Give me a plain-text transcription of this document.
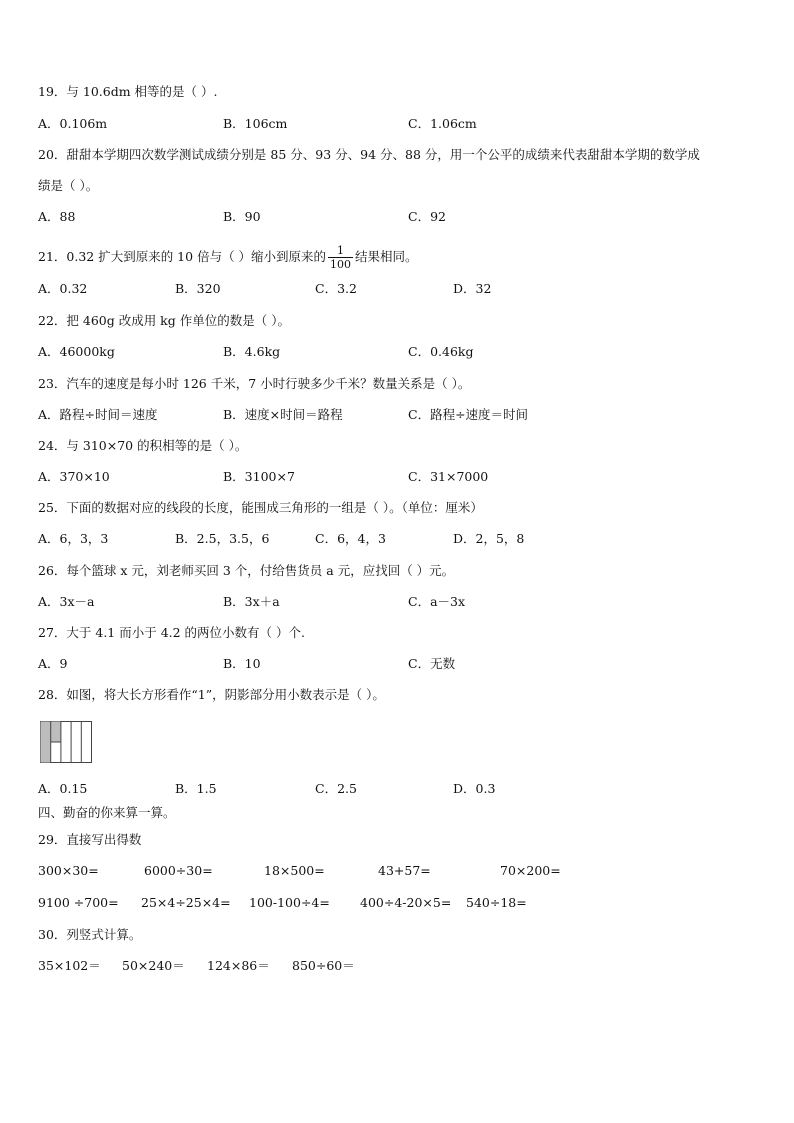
19．与 10.6dm 相等的是（ ）.
A．0.106m	B．106cm	C．1.06cm
20．甜甜本学期四次数学测试成绩分别是 85 分、93 分、94 分、88 分，用一个公平的成绩来代表甜甜本学期的数学成
绩是（ ）。
A．88	B．90	C．92
22．把 460g 改成用 kg 作单位的数是（ ）。
A．46000kg	B．4.6kg	C．0.46kg
23．汽车的速度是每小时 126 千米，7 小时行驶多少千米？数量关系是（ ）。
A．路程÷时间＝速度	B．速度×时间＝路程	C．路程÷速度＝时间
24．与 310×70 的积相等的是（ ）。
A．370×10	B．3100×7	C．31×7000
25．下面的数据对应的线段的长度，能围成三角形的一组是（ ）。（单位：厘米）
A．6，3，3	B．2.5，3.5，6	C．6，4，3	D．2，5，8
26．每个篮球 x 元，刘老师买回 3 个，付给售货员 a 元，应找回（ ）元。
A．3x－a	B．3x＋a	C．a－3x
27．大于 4.1 而小于 4.2 的两位小数有（ ）个.
A．9	B．10	C．无数
28．如图，将大长方形看作“1”，阴影部分用小数表示是（ ）。
A．0.15	B．1.5	C．2.5	D．0.3
21．0.32 扩大到原来的 10 倍与（ ）缩小到原来的 $\frac{1}{100}$ 结果相同。
A．0.32	B．320	C．3.2	D．32
四、勤奋的你来算一算。
29．直接写出得数
300×30=	6000÷30=	18×500=	43+57=	70×200=
9100 ÷700= 25×4÷25×4= 100-100÷4= 400÷4-20×5= 540÷18=
30．列竖式计算。
35×102＝ 50×240＝ 124×86＝ 850÷60＝
